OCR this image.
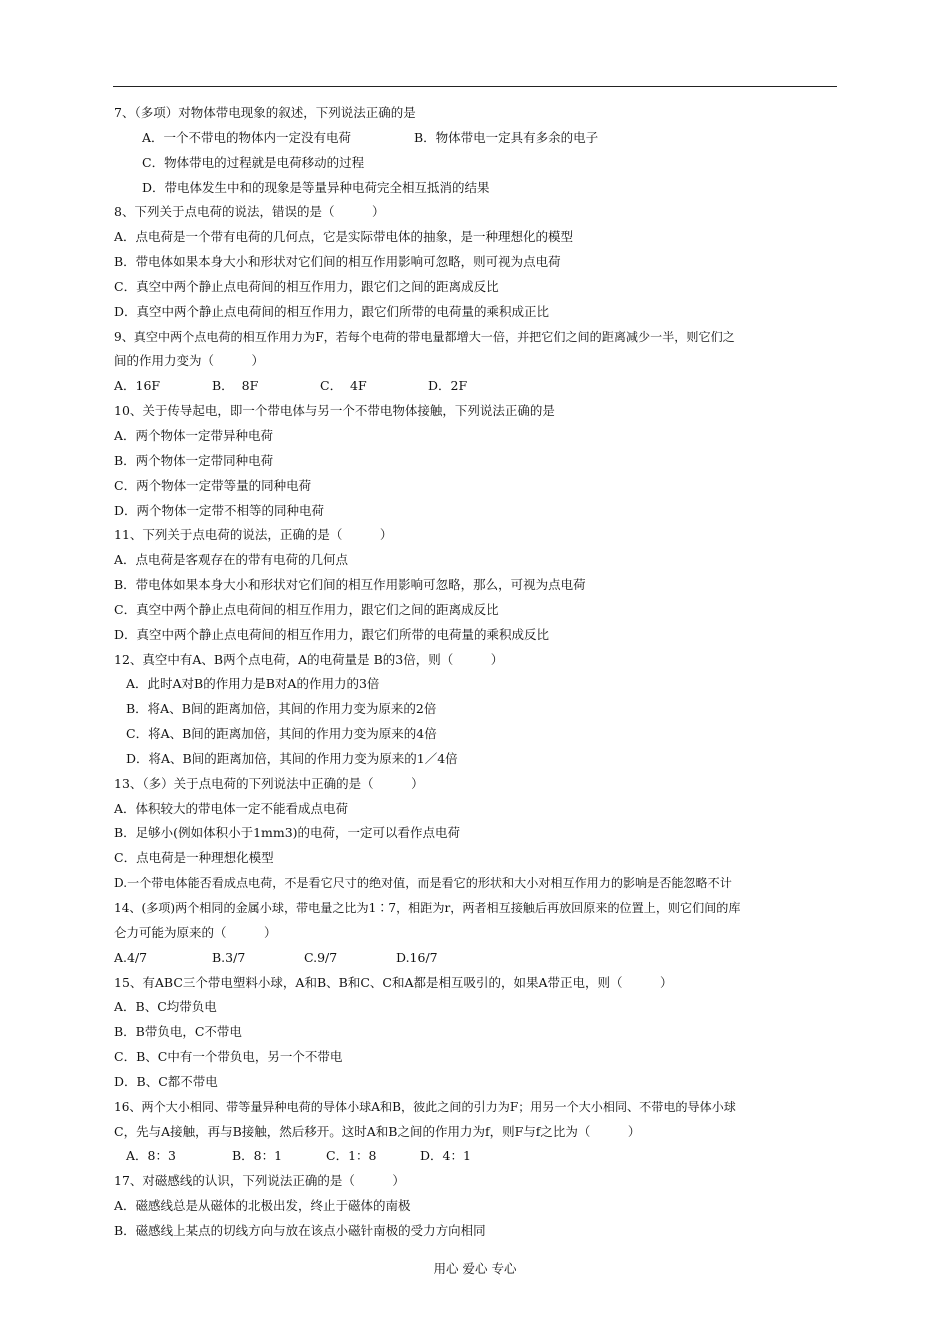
7、（多项）对物体带电现象的叙述，下列说法正确的是
A．一个不带电的物体内一定没有电荷	B．物体带电一定具有多余的电子
C．物体带电的过程就是电荷移动的过程
D．带电体发生中和的现象是等量异种电荷完全相互抵消的结果
8、下列关于点电荷的说法，错误的是（　　　）
A．点电荷是一个带有电荷的几何点，它是实际带电体的抽象，是一种理想化的模型
B．带电体如果本身大小和形状对它们间的相互作用影响可忽略，则可视为点电荷
C．真空中两个静止点电荷间的相互作用力，跟它们之间的距离成反比
D．真空中两个静止点电荷间的相互作用力，跟它们所带的电荷量的乘积成正比
9、真空中两个点电荷的相互作用力为F，若每个电荷的带电量都增大一倍，并把它们之间的距离减少一半，则它们之
间的作用力变为（　　　）
A．16F	B．  8F	C．  4F	D．2F
10、关于传导起电，即一个带电体与另一个不带电物体接触，下列说法正确的是
A．两个物体一定带异种电荷
B．两个物体一定带同种电荷
C．两个物体一定带等量的同种电荷
D．两个物体一定带不相等的同种电荷
11、下列关于点电荷的说法，正确的是（　　　）
A．点电荷是客观存在的带有电荷的几何点
B．带电体如果本身大小和形状对它们间的相互作用影响可忽略，那么，可视为点电荷
C．真空中两个静止点电荷间的相互作用力，跟它们之间的距离成反比
D．真空中两个静止点电荷间的相互作用力，跟它们所带的电荷量的乘积成反比
12、真空中有A、B两个点电荷，A的电荷量是 B的3倍，则（　　　）
A．此时A对B的作用力是B对A的作用力的3倍
B．将A、B间的距离加倍，其间的作用力变为原来的2倍
C．将A、B间的距离加倍，其间的作用力变为原来的4倍
D．将A、B间的距离加倍，其间的作用力变为原来的1／4倍
13、（多）关于点电荷的下列说法中正确的是（　　　）
A．体积较大的带电体一定不能看成点电荷
B．足够小(例如体积小于1mm3)的电荷，一定可以看作点电荷
C．点电荷是一种理想化模型
D.一个带电体能否看成点电荷，不是看它尺寸的绝对值，而是看它的形状和大小对相互作用力的影响是否能忽略不计
14、(多项)两个相同的金属小球，带电量之比为1∶7，相距为r，两者相互接触后再放回原来的位置上，则它们间的库
仑力可能为原来的（　　　）
A.4/7	B.3/7	C.9/7	D.16/7
15、有ABC三个带电塑料小球，A和B、B和C、C和A都是相互吸引的，如果A带正电，则（　　　）
A．B、C均带负电
B．B带负电，C不带电
C．B、C中有一个带负电，另一个不带电
D．B、C都不带电
16、两个大小相同、带等量异种电荷的导体小球A和B，彼此之间的引力为F；用另一个大小相同、不带电的导体小球
C，先与A接触，再与B接触，然后移开。这时A和B之间的作用力为f，则F与f之比为（　　　）
A．8：3	B．8：1	C．1：8	D．4：1
17、对磁感线的认识，下列说法正确的是（　　　）
A．磁感线总是从磁体的北极出发，终止于磁体的南极
B．磁感线上某点的切线方向与放在该点小磁针南极的受力方向相同
用心 爱心 专心
